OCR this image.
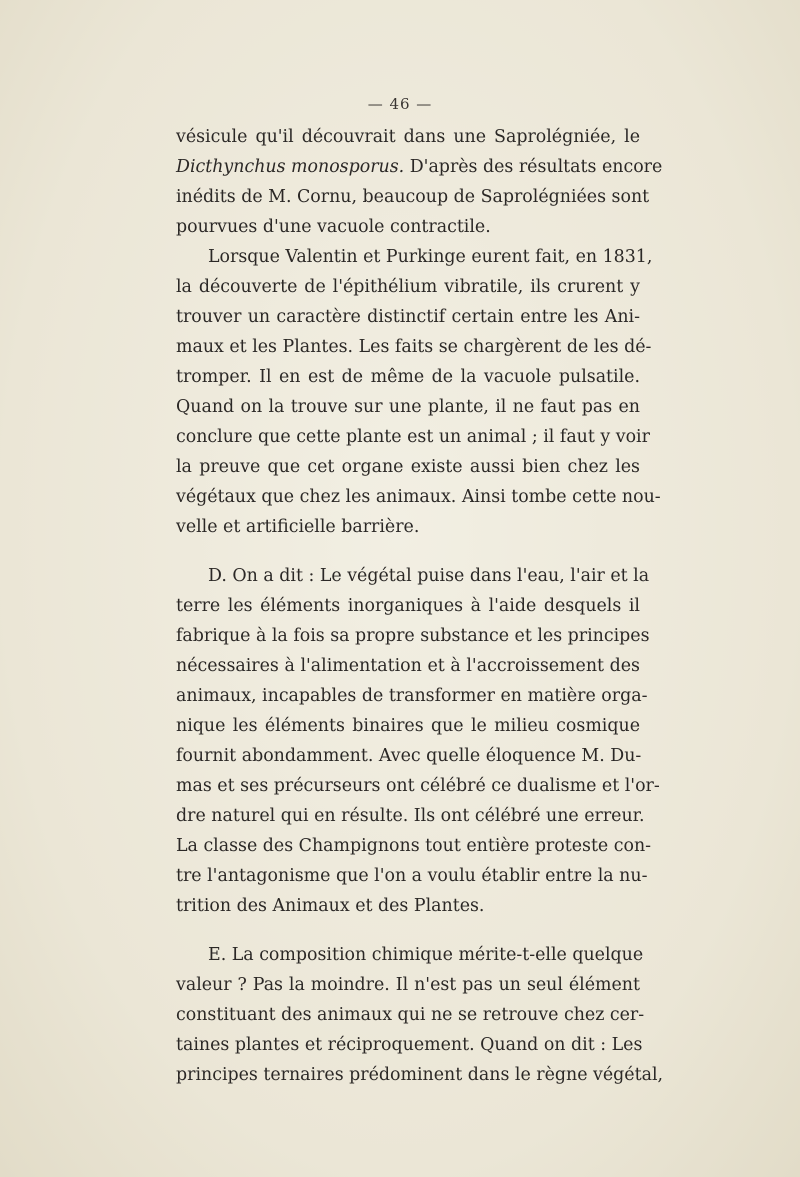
— 46 —
vésicule qu'il découvrait dans une Saprolégniée, le
Dicthynchus monosporus. D'après des résultats encore
inédits de M. Cornu, beaucoup de Saprolégniées sont
pourvues d'une vacuole contractile.
Lorsque Valentin et Purkinge eurent fait, en 1831,
la découverte de l'épithélium vibratile, ils crurent y
trouver un caractère distinctif certain entre les Ani-
maux et les Plantes. Les faits se chargèrent de les dé-
tromper. Il en est de même de la vacuole pulsatile.
Quand on la trouve sur une plante, il ne faut pas en
conclure que cette plante est un animal ; il faut y voir
la preuve que cet organe existe aussi bien chez les
végétaux que chez les animaux. Ainsi tombe cette nou-
velle et artificielle barrière.
D. On a dit : Le végétal puise dans l'eau, l'air et la
terre les éléments inorganiques à l'aide desquels il
fabrique à la fois sa propre substance et les principes
nécessaires à l'alimentation et à l'accroissement des
animaux, incapables de transformer en matière orga-
nique les éléments binaires que le milieu cosmique
fournit abondamment. Avec quelle éloquence M. Du-
mas et ses précurseurs ont célébré ce dualisme et l'or-
dre naturel qui en résulte. Ils ont célébré une erreur.
La classe des Champignons tout entière proteste con-
tre l'antagonisme que l'on a voulu établir entre la nu-
trition des Animaux et des Plantes.
E. La composition chimique mérite-t-elle quelque
valeur ? Pas la moindre. Il n'est pas un seul élément
constituant des animaux qui ne se retrouve chez cer-
taines plantes et réciproquement. Quand on dit : Les
principes ternaires prédominent dans le règne végétal,
